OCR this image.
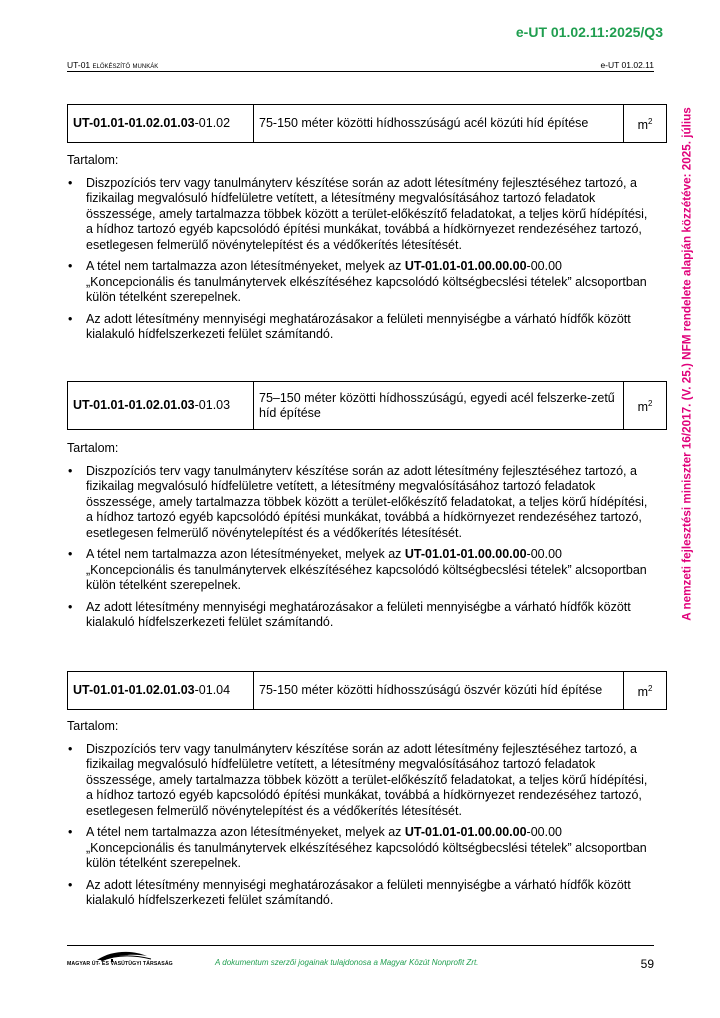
e-UT 01.02.11:2025/Q3
UT-01 előkészítő munkák	e-UT 01.02.11
A nemzeti fejlesztési miniszter 16/2017. (V. 25.) NFM rendelete alapján közzétéve: 2025. július
UT-01.01-01.02.01.03-01.02	75-150 méter közötti hídhosszúságú acél közúti híd építése	$m^2$

Tartalom:

• Diszpozíciós terv vagy tanulmányterv készítése során az adott létesítmény fejlesztéséhez tartozó, a fizikailag megvalósuló hídfelületre vetített, a létesítmény megvalósításához tartozó feladatok összessége, amely tartalmazza többek között a terület-előkészítő feladatokat, a teljes körű hídépítési, a hídhoz tartozó egyéb kapcsolódó építési munkákat, továbbá a hídkörnyezet rendezéséhez tartozó, esetlegesen felmerülő növénytelepítést és a védőkerítés létesítését.
• A tétel nem tartalmazza azon létesítményeket, melyek az UT-01.01-01.00.00.00-00.00
„Koncepcionális és tanulmánytervek elkészítéséhez kapcsolódó költségbecslési tételek” alcsoportban külön tételként szerepelnek.
• Az adott létesítmény mennyiségi meghatározásakor a felületi mennyiségbe a várható hídfők között kialakuló hídfelszerkezeti felület számítandó.
UT-01.01-01.02.01.03-01.03	75–150 méter közötti hídhosszúságú, egyedi acél felszerke-zetű híd építése	$m^2$

Tartalom:

• Diszpozíciós terv vagy tanulmányterv készítése során az adott létesítmény fejlesztéséhez tartozó, a fizikailag megvalósuló hídfelületre vetített, a létesítmény megvalósításához tartozó feladatok összessége, amely tartalmazza többek között a terület-előkészítő feladatokat, a teljes körű hídépítési, a hídhoz tartozó egyéb kapcsolódó építési munkákat, továbbá a hídkörnyezet rendezéséhez tartozó, esetlegesen felmerülő növénytelepítést és a védőkerítés létesítését.
• A tétel nem tartalmazza azon létesítményeket, melyek az UT-01.01-01.00.00.00-00.00
„Koncepcionális és tanulmánytervek elkészítéséhez kapcsolódó költségbecslési tételek” alcsoportban külön tételként szerepelnek.
• Az adott létesítmény mennyiségi meghatározásakor a felületi mennyiségbe a várható hídfők között kialakuló hídfelszerkezeti felület számítandó.
UT-01.01-01.02.01.03-01.04	75-150 méter közötti hídhosszúságú öszvér közúti híd építése	$m^2$

Tartalom:

• Diszpozíciós terv vagy tanulmányterv készítése során az adott létesítmény fejlesztéséhez tartozó, a fizikailag megvalósuló hídfelületre vetített, a létesítmény megvalósításához tartozó feladatok összessége, amely tartalmazza többek között a terület-előkészítő feladatokat, a teljes körű hídépítési, a hídhoz tartozó egyéb kapcsolódó építési munkákat, továbbá a hídkörnyezet rendezéséhez tartozó, esetlegesen felmerülő növénytelepítést és a védőkerítés létesítését.
• A tétel nem tartalmazza azon létesítményeket, melyek az UT-01.01-01.00.00.00-00.00
„Koncepcionális és tanulmánytervek elkészítéséhez kapcsolódó költségbecslési tételek” alcsoportban külön tételként szerepelnek.
• Az adott létesítmény mennyiségi meghatározásakor a felületi mennyiségbe a várható hídfők között kialakuló hídfelszerkezeti felület számítandó.
MAGYAR ÚT- ÉS VASÚTÜGYI TÁRSASÁG	A dokumentum szerzői jogainak tulajdonosa a Magyar Közút Nonprofit Zrt.	59
